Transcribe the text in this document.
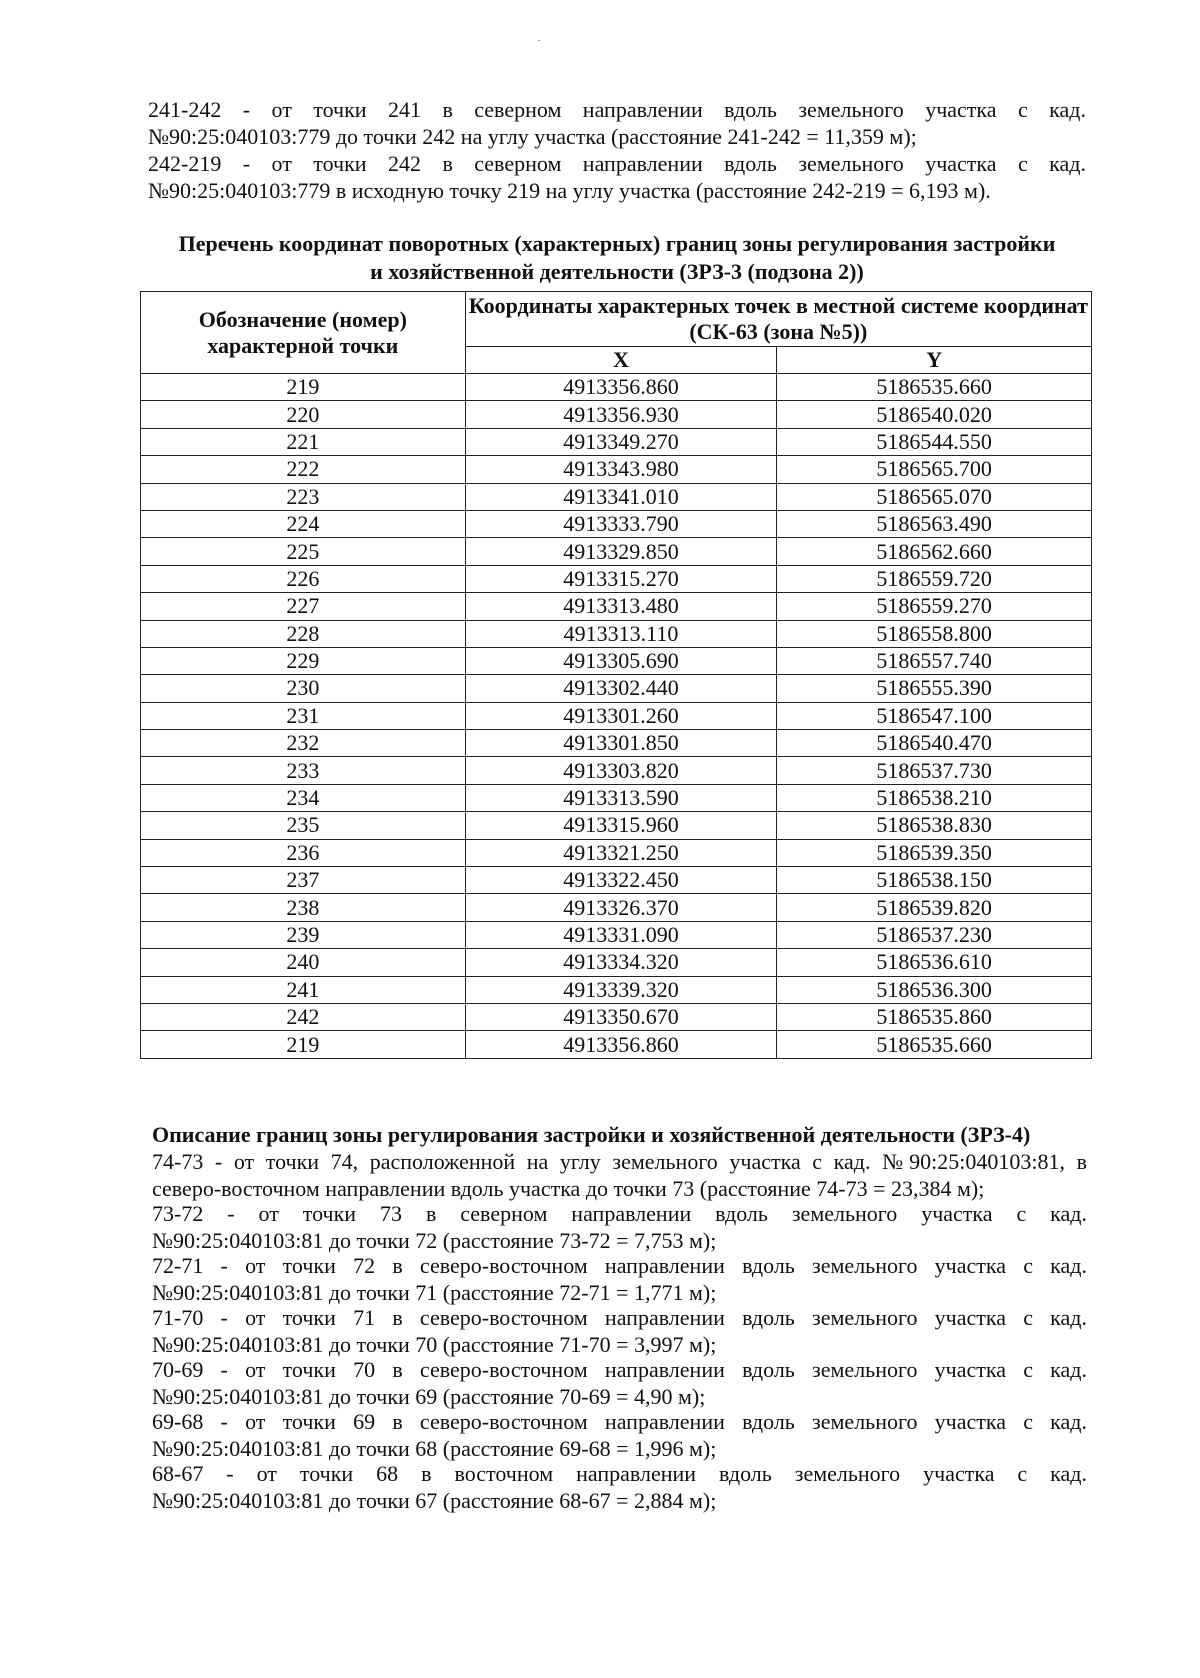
241-242 - от точки 241 в северном направлении вдоль земельного участка с кад.
№90:25:040103:779 до точки 242 на углу участка (расстояние 241-242 = 11,359 м);

242-219 - от точки 242 в северном направлении вдоль земельного участка с кад.
№90:25:040103:779 в исходную точку 219 на углу участка (расстояние 242-219 = 6,193 м).

Перечень координат поворотных (характерных) границ зоны регулирования застройки
и хозяйственной деятельности (ЗРЗ-3 (подзона 2))
Обозначение (номер) характерной точки	Координаты характерных точек в местной системе координат (СК-63 (зона №5))	
	X	Y
219	4913356.860	5186535.660
220	4913356.930	5186540.020
221	4913349.270	5186544.550
222	4913343.980	5186565.700
223	4913341.010	5186565.070
224	4913333.790	5186563.490
225	4913329.850	5186562.660
226	4913315.270	5186559.720
227	4913313.480	5186559.270
228	4913313.110	5186558.800
229	4913305.690	5186557.740
230	4913302.440	5186555.390
231	4913301.260	5186547.100
232	4913301.850	5186540.470
233	4913303.820	5186537.730
234	4913313.590	5186538.210
235	4913315.960	5186538.830
236	4913321.250	5186539.350
237	4913322.450	5186538.150
238	4913326.370	5186539.820
239	4913331.090	5186537.230
240	4913334.320	5186536.610
241	4913339.320	5186536.300
242	4913350.670	5186535.860
219	4913356.860	5186535.660
Описание границ зоны регулирования застройки и хозяйственной деятельности (ЗРЗ-4)

74-73 - от точки 74, расположенной на углу земельного участка с кад. №90:25:040103:81, в
северо-восточном направлении вдоль участка до точки 73 (расстояние 74-73 = 23,384 м);

73-72 - от точки 73 в северном направлении вдоль земельного участка с кад.
№90:25:040103:81 до точки 72 (расстояние 73-72 = 7,753 м);

72-71 - от точки 72 в северо-восточном направлении вдоль земельного участка с кад.
№90:25:040103:81 до точки 71 (расстояние 72-71 = 1,771 м);

71-70 - от точки 71 в северо-восточном направлении вдоль земельного участка с кад.
№90:25:040103:81 до точки 70 (расстояние 71-70 = 3,997 м);

70-69 - от точки 70 в северо-восточном направлении вдоль земельного участка с кад.
№90:25:040103:81 до точки 69 (расстояние 70-69 = 4,90 м);

69-68 - от точки 69 в северо-восточном направлении вдоль земельного участка с кад.
№90:25:040103:81 до точки 68 (расстояние 69-68 = 1,996 м);

68-67 - от точки 68 в восточном направлении вдоль земельного участка с кад.
№90:25:040103:81 до точки 67 (расстояние 68-67 = 2,884 м);
